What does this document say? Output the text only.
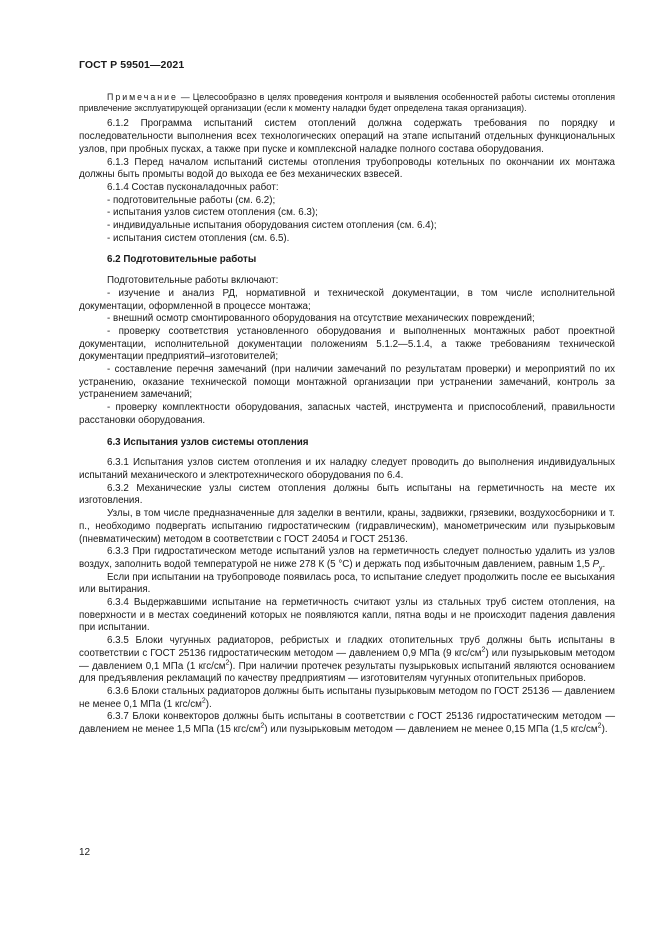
ГОСТ Р 59501—2021

Примечание — Целесообразно в целях проведения контроля и выявления особенностей работы системы отопления привлечение эксплуатирующей организации (если к моменту наладки будет определена такая организация).

6.1.2 Программа испытаний систем отоплений должна содержать требования по порядку и последовательности выполнения всех технологических операций на этапе испытаний отдельных функциональных узлов, при пробных пусках, а также при пуске и комплексной наладке полного состава оборудования.

6.1.3 Перед началом испытаний системы отопления трубопроводы котельных по окончании их монтажа должны быть промыты водой до выхода ее без механических взвесей.

6.1.4 Состав пусконаладочных работ:

- подготовительные работы (см. 6.2);

- испытания узлов систем отопления (см. 6.3);

- индивидуальные испытания оборудования систем отопления (см. 6.4);

- испытания систем отопления (см. 6.5).

6.2 Подготовительные работы

Подготовительные работы включают:

- изучение и анализ РД, нормативной и технической документации, в том числе исполнительной документации, оформленной в процессе монтажа;

- внешний осмотр смонтированного оборудования на отсутствие механических повреждений;

- проверку соответствия установленного оборудования и выполненных монтажных работ проектной документации, исполнительной документации положениям 5.1.2—5.1.4, а также требованиям технической документации предприятий–изготовителей;

- составление перечня замечаний (при наличии замечаний по результатам проверки) и мероприятий по их устранению, оказание технической помощи монтажной организации при устранении замечаний, контроль за устранением замечаний;

- проверку комплектности оборудования, запасных частей, инструмента и приспособлений, правильности расстановки оборудования.

6.3 Испытания узлов системы отопления

6.3.1 Испытания узлов систем отопления и их наладку следует проводить до выполнения индивидуальных испытаний механического и электротехнического оборудования по 6.4.

6.3.2 Механические узлы систем отопления должны быть испытаны на герметичность на месте их изготовления.

Узлы, в том числе предназначенные для заделки в вентили, краны, задвижки, грязевики, воздухосборники и т. п., необходимо подвергать испытанию гидростатическим (гидравлическим), манометрическим или пузырьковым (пневматическим) методом в соответствии с ГОСТ 24054 и ГОСТ 25136.

6.3.3 При гидростатическом методе испытаний узлов на герметичность следует полностью удалить из узлов воздух, заполнить водой температурой не ниже 278 К (5 °C) и держать под избыточным давлением, равным 1,5 $P_y$.

Если при испытании на трубопроводе появилась роса, то испытание следует продолжить после ее высыхания или вытирания.

6.3.4 Выдержавшими испытание на герметичность считают узлы из стальных труб систем отопления, на поверхности и в местах соединений которых не появляются капли, пятна воды и не происходит падения давления при испытании.

6.3.5 Блоки чугунных радиаторов, ребристых и гладких отопительных труб должны быть испытаны в соответствии с ГОСТ 25136 гидростатическим методом — давлением 0,9 МПа (9 кгс/$см^2$) или пузырьковым методом — давлением 0,1 МПа (1 кгс/$см^2$). При наличии протечек результаты пузырьковых испытаний являются основанием для предъявления рекламаций по качеству предприятиям — изготовителям чугунных отопительных приборов.

6.3.6 Блоки стальных радиаторов должны быть испытаны пузырьковым методом по ГОСТ 25136 — давлением не менее 0,1 МПа (1 кгс/$см^2$).

6.3.7 Блоки конвекторов должны быть испытаны в соответствии с ГОСТ 25136 гидростатическим методом — давлением не менее 1,5 МПа (15 кгс/$см^2$) или пузырьковым методом — давлением не менее 0,15 МПа (1,5 кгс/$см^2$).

12
